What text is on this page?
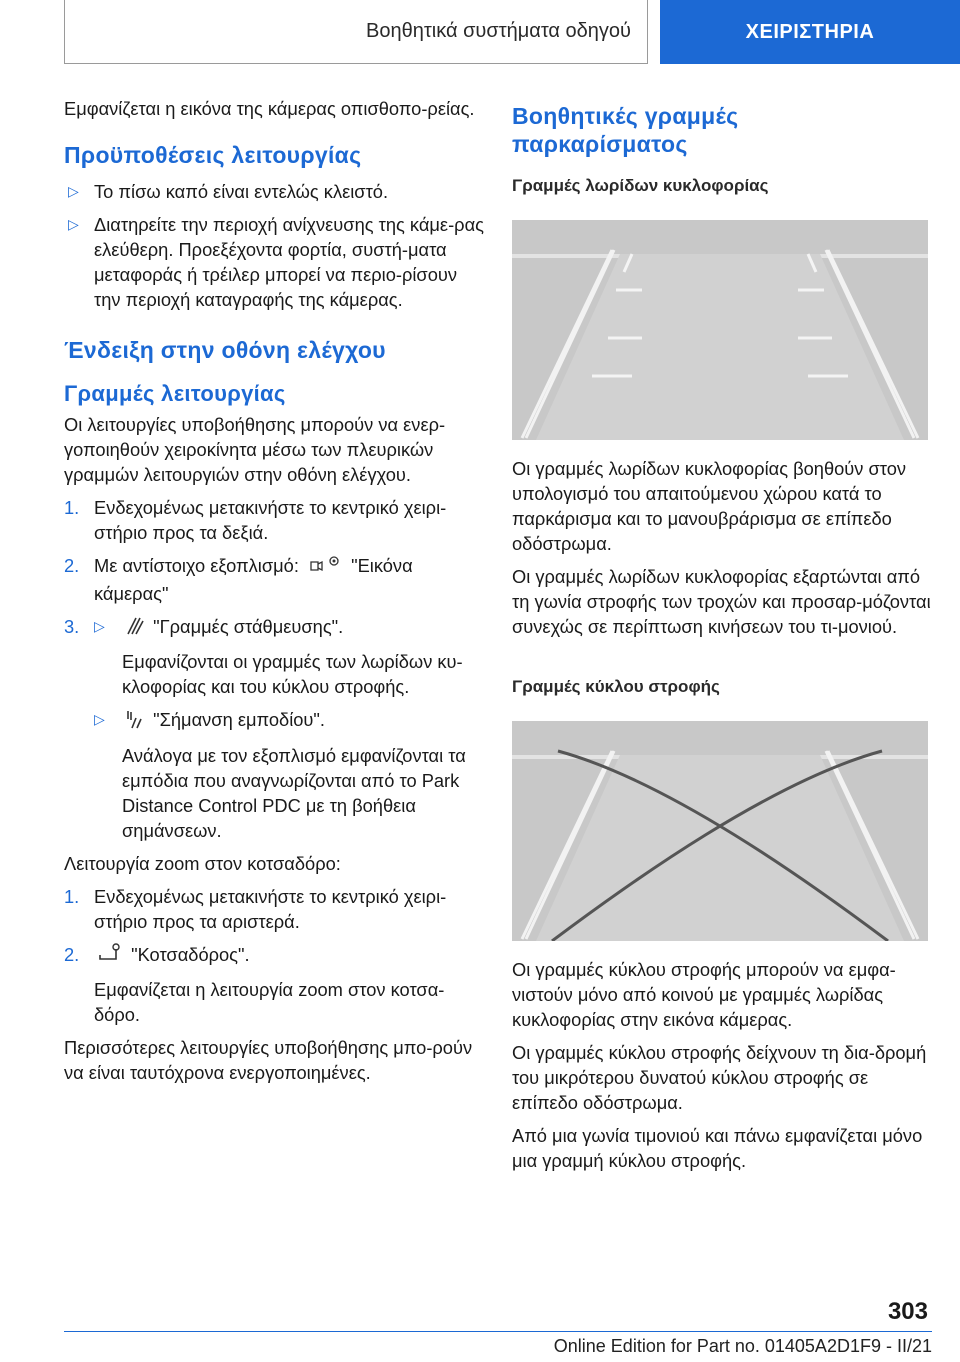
Βοηθητικά συστήματα οδηγού	ΧΕΙΡΙΣΤΗΡΙΑ

Εμφανίζεται η εικόνα της κάμερας οπισθοπο-ρείας.

Προϋποθέσεις λειτουργίας
▷ Το πίσω καπό είναι εντελώς κλειστό.
▷ Διατηρείτε την περιοχή ανίχνευσης της κάμε-ρας ελεύθερη. Προεξέχοντα φορτία, συστή-ματα μεταφοράς ή τρέιλερ μπορεί να περιο-ρίσουν την περιοχή καταγραφής της κάμερας.
Ένδειξη στην οθόνη ελέγχου
Γραμμές λειτουργίας

Οι λειτουργίες υποβοήθησης μπορούν να ενερ-γοποιηθούν χειροκίνητα μέσω των πλευρικών γραμμών λειτουργιών στην οθόνη ελέγχου.

1. Ενδεχομένως μετακινήστε το κεντρικό χειρι-στήριο προς τα δεξιά.
2. Με αντίστοιχο εξοπλισμό:	"Εικόνα κάμερας"
3.	▷	"Γραμμές στάθμευσης".
Εμφανίζονται οι γραμμές των λωρίδων κυ-κλοφορίας και του κύκλου στροφής.
▷	"Σήμανση εμποδίου".
Ανάλογα με τον εξοπλισμό εμφανίζονται τα εμπόδια που αναγνωρίζονται από το Park Distance Control PDC με τη βοήθεια σημάνσεων.

Λειτουργία zoom στον κοτσαδόρο:

1. Ενδεχομένως μετακινήστε το κεντρικό χειρι-στήριο προς τα αριστερά.
2.	"Κοτσαδόρος".
Εμφανίζεται η λειτουργία zoom στον κοτσα-δόρο.

Περισσότερες λειτουργίες υποβοήθησης μπο-ρούν να είναι ταυτόχρονα ενεργοποιημένες.

Βοηθητικές γραμμές παρκαρίσματος
Γραμμές λωρίδων κυκλοφορίας

Οι γραμμές λωρίδων κυκλοφορίας βοηθούν στον υπολογισμό του απαιτούμενου χώρου κατά το παρκάρισμα και το μανουβράρισμα σε επίπεδο οδόστρωμα.

Οι γραμμές λωρίδων κυκλοφορίας εξαρτώνται από τη γωνία στροφής των τροχών και προσαρ-μόζονται συνεχώς σε περίπτωση κινήσεων του τι-μονιού.

Γραμμές κύκλου στροφής

Οι γραμμές κύκλου στροφής μπορούν να εμφα-νιστούν μόνο από κοινού με γραμμές λωρίδας κυκλοφορίας στην εικόνα κάμερας.

Οι γραμμές κύκλου στροφής δείχνουν τη δια-δρομή του μικρότερου δυνατού κύκλου στροφής σε επίπεδο οδόστρωμα.

Από μια γωνία τιμονιού και πάνω εμφανίζεται μόνο μια γραμμή κύκλου στροφής.

303
Online Edition for Part no. 01405A2D1F9 - II/21
